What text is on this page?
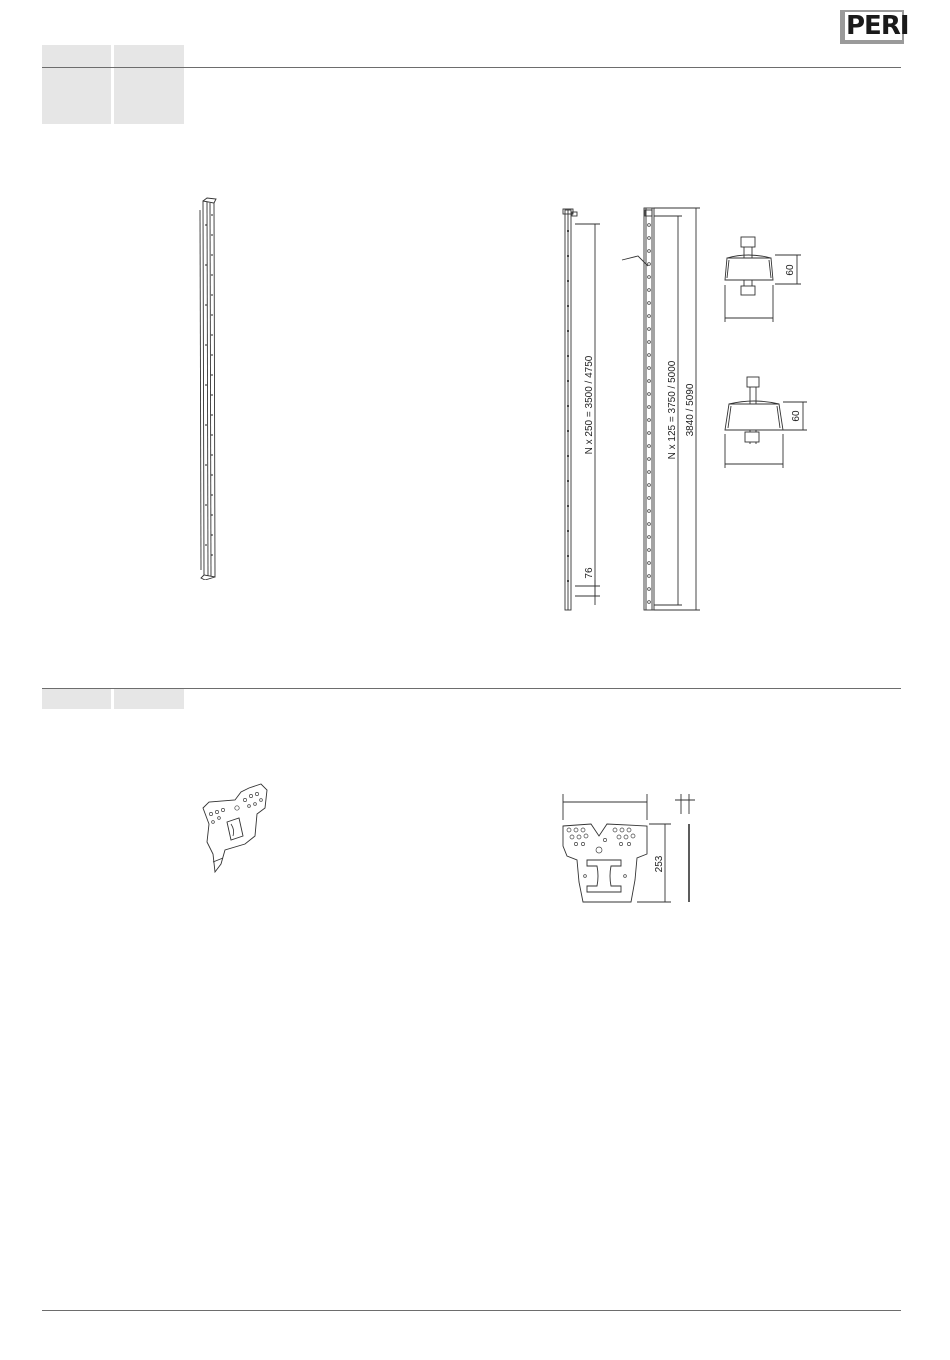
PERI
N x 250 = 3500 / 4750
76
N x 125 = 3750 / 5000 3840 / 5090
60
60
253
